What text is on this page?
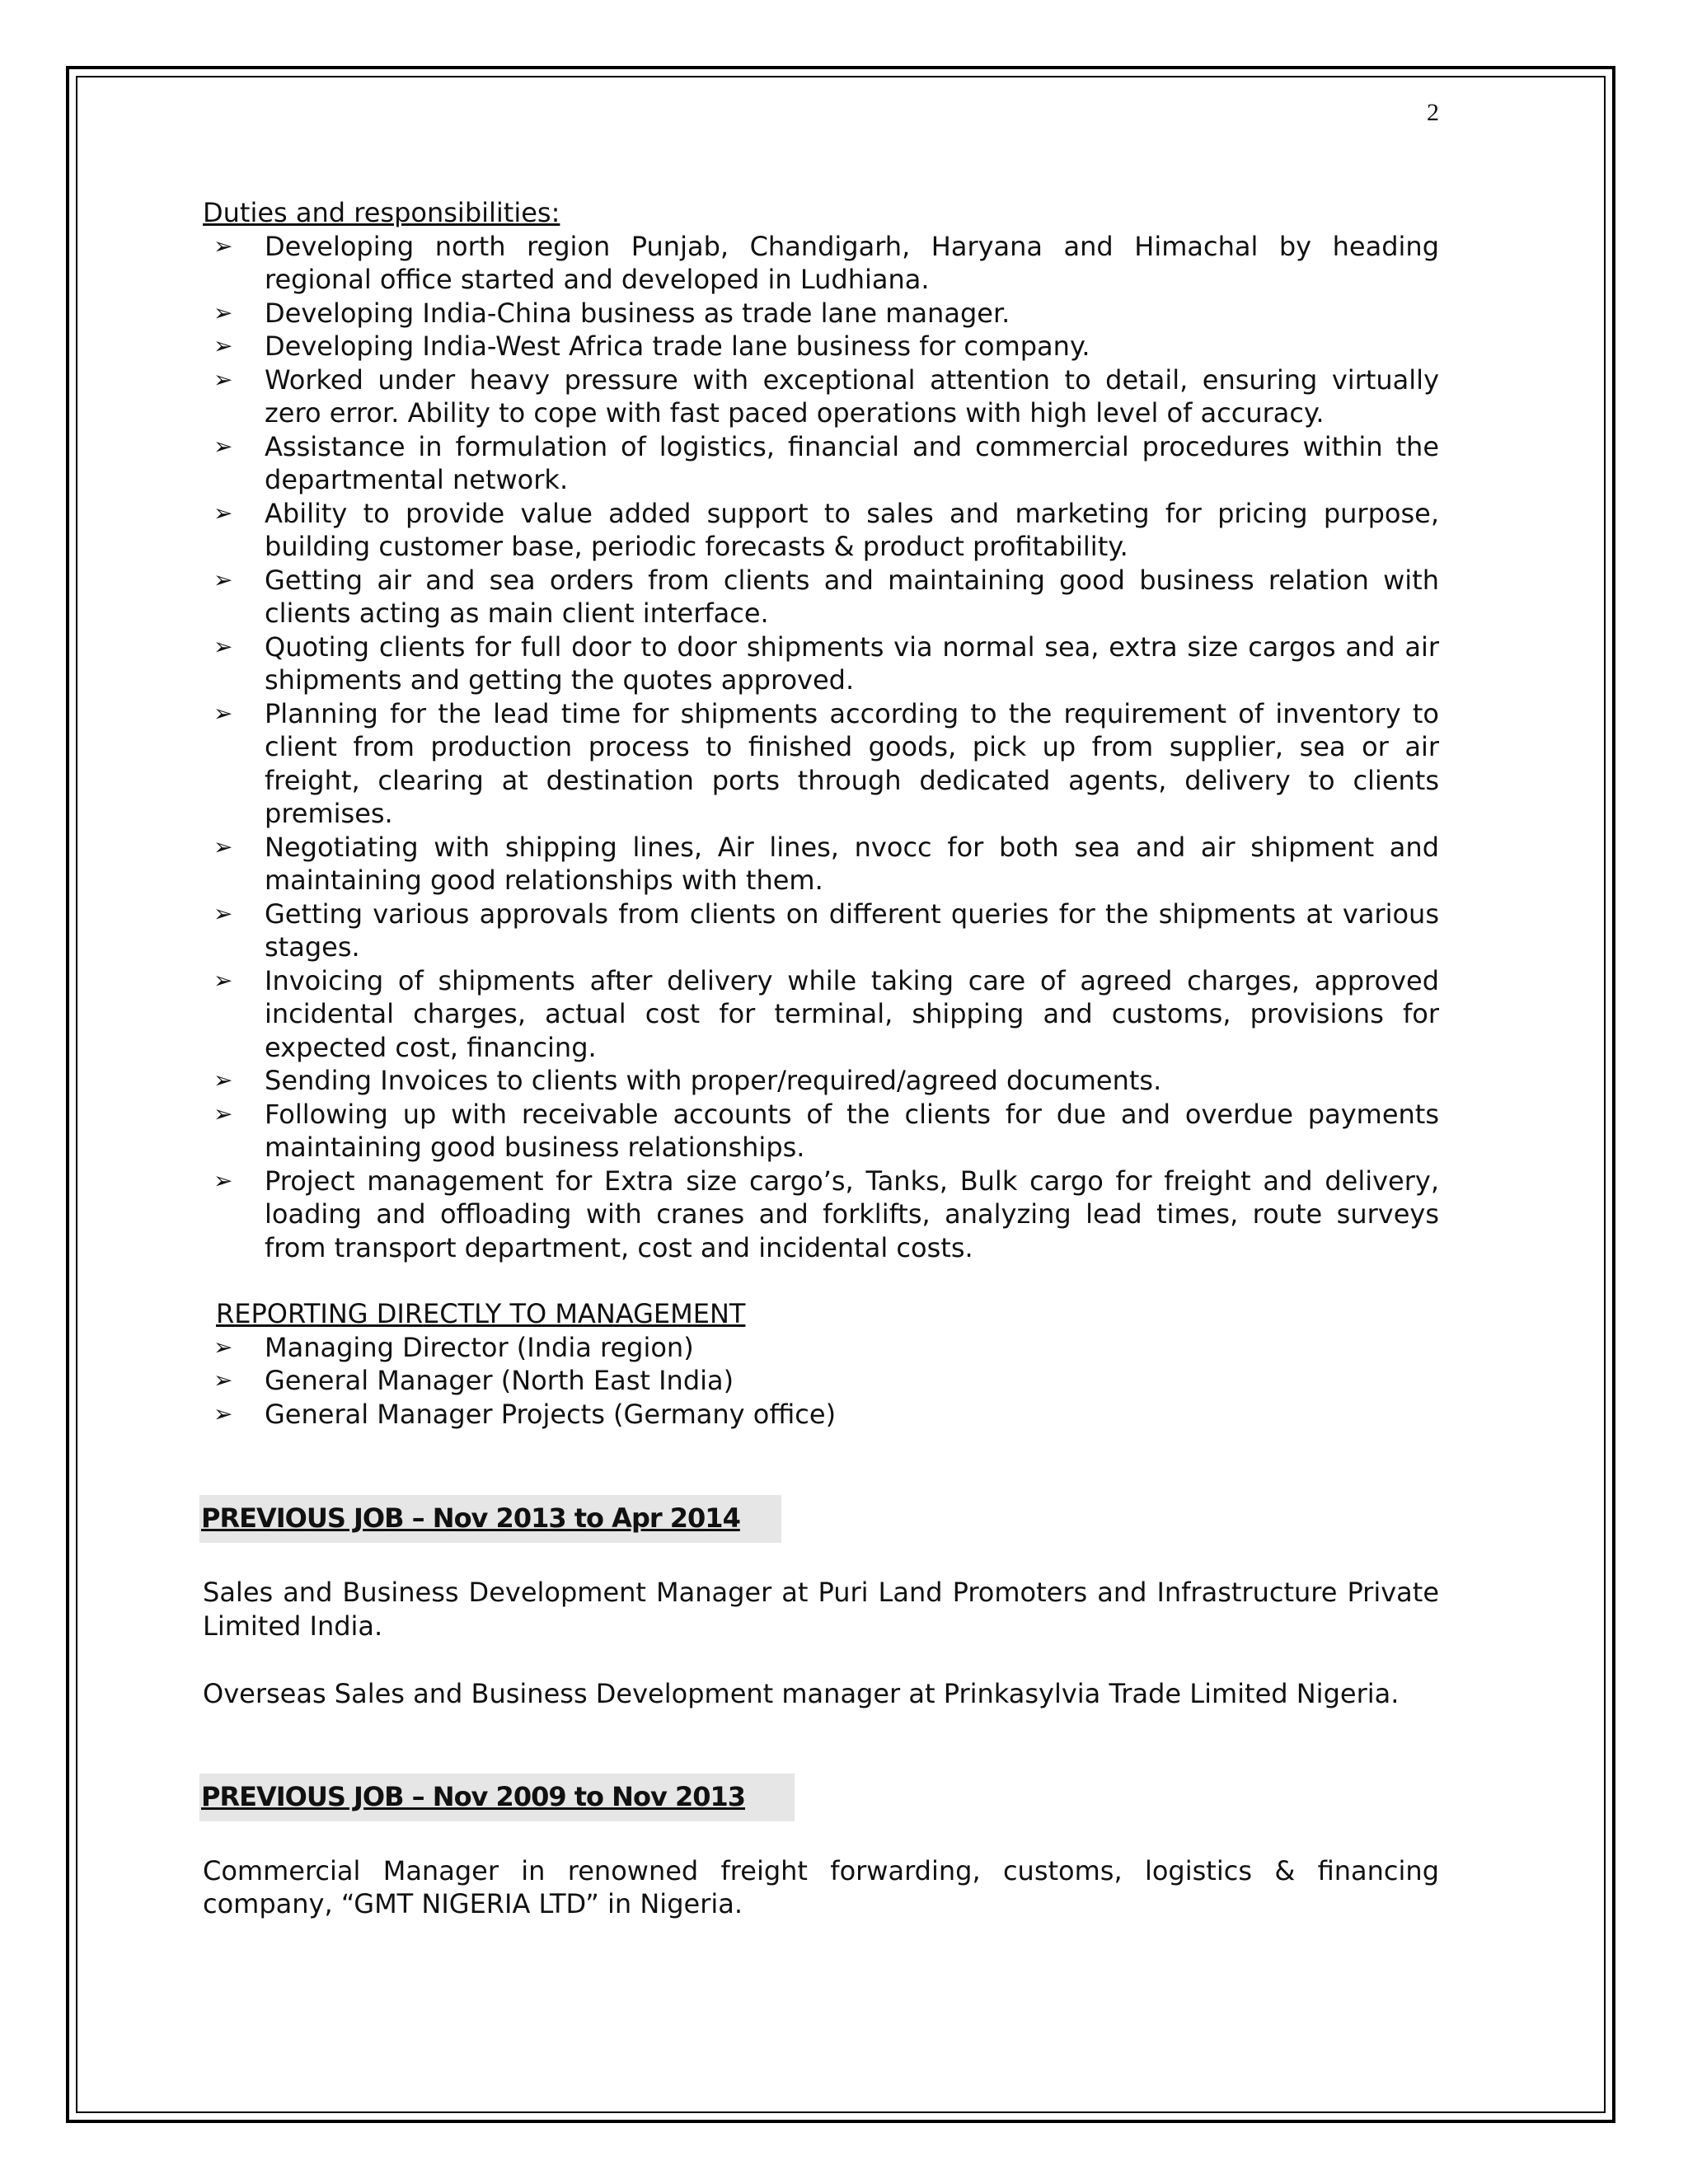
2

Duties and responsibilities:

➢ Developing north region Punjab, Chandigarh, Haryana and Himachal by heading regional office started and developed in Ludhiana.
➢ Developing India-China business as trade lane manager.
➢ Developing India-West Africa trade lane business for company.
➢ Worked under heavy pressure with exceptional attention to detail, ensuring virtually zero error. Ability to cope with fast paced operations with high level of accuracy.
➢ Assistance in formulation of logistics, financial and commercial procedures within the departmental network.
➢ Ability to provide value added support to sales and marketing for pricing purpose, building customer base, periodic forecasts & product profitability.
➢ Getting air and sea orders from clients and maintaining good business relation with clients acting as main client interface.
➢ Quoting clients for full door to door shipments via normal sea, extra size cargos and air shipments and getting the quotes approved.
➢ Planning for the lead time for shipments according to the requirement of inventory to client from production process to finished goods, pick up from supplier, sea or air freight, clearing at destination ports through dedicated agents, delivery to clients premises.
➢ Negotiating with shipping lines, Air lines, nvocc for both sea and air shipment and maintaining good relationships with them.
➢ Getting various approvals from clients on different queries for the shipments at various stages.
➢ Invoicing of shipments after delivery while taking care of agreed charges, approved incidental charges, actual cost for terminal, shipping and customs, provisions for expected cost, financing.
➢ Sending Invoices to clients with proper/required/agreed documents.
➢ Following up with receivable accounts of the clients for due and overdue payments maintaining good business relationships.
➢ Project management for Extra size cargo’s, Tanks, Bulk cargo for freight and delivery, loading and offloading with cranes and forklifts, analyzing lead times, route surveys from transport department, cost and incidental costs.

REPORTING DIRECTLY TO MANAGEMENT

➢ Managing Director (India region)
➢ General Manager (North East India)
➢ General Manager Projects (Germany office)
PREVIOUS JOB – Nov 2013 to Apr 2014

Sales and Business Development Manager at Puri Land Promoters and Infrastructure Private Limited India.

Overseas Sales and Business Development manager at Prinkasylvia Trade Limited Nigeria.

PREVIOUS JOB – Nov 2009 to Nov 2013

Commercial Manager in renowned freight forwarding, customs, logistics & financing company, “GMT NIGERIA LTD” in Nigeria.
